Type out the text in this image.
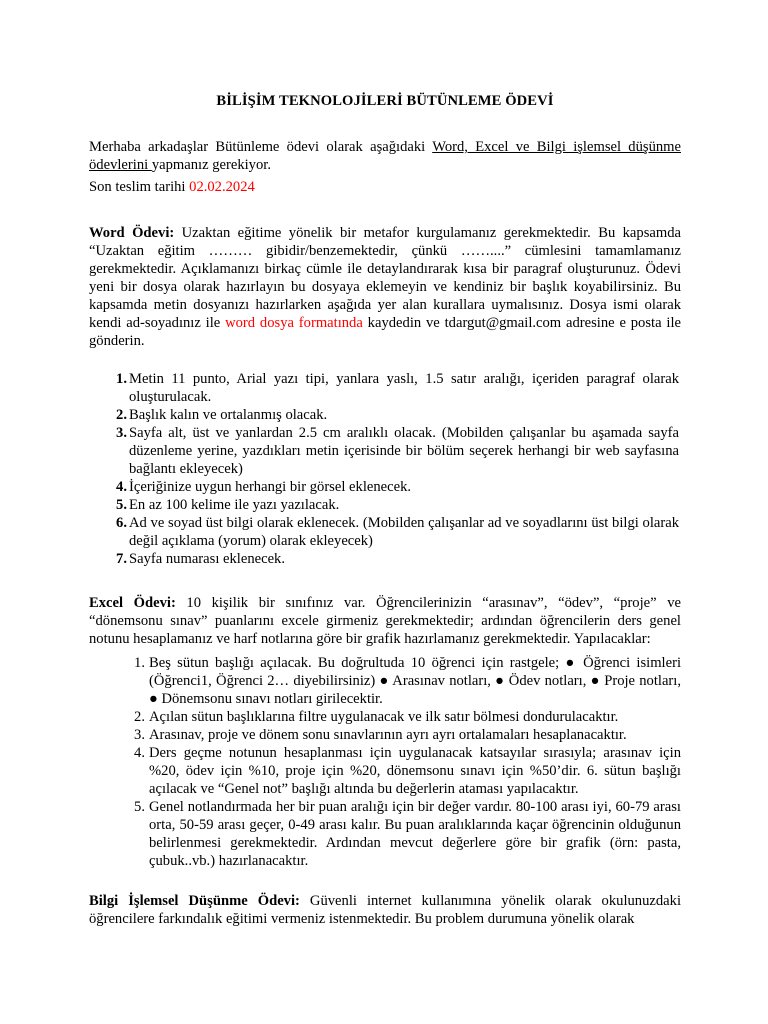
BİLİŞİM TEKNOLOJİLERİ BÜTÜNLEME ÖDEVİ
Merhaba arkadaşlar Bütünleme ödevi olarak aşağıdaki Word, Excel ve Bilgi işlemsel düşünme ödevlerini yapmanız gerekiyor.
Son teslim tarihi 02.02.2024
Word Ödevi: Uzaktan eğitime yönelik bir metafor kurgulamanız gerekmektedir. Bu kapsamda “Uzaktan eğitim ……… gibidir/benzemektedir, çünkü ……....” cümlesini tamamlamanız gerekmektedir. Açıklamanızı birkaç cümle ile detaylandırarak kısa bir paragraf oluşturunuz. Ödevi yeni bir dosya olarak hazırlayın bu dosyaya eklemeyin ve kendiniz bir başlık koyabilirsiniz. Bu kapsamda metin dosyanızı hazırlarken aşağıda yer alan kurallara uymalısınız. Dosya ismi olarak kendi ad-soyadınız ile word dosya formatında kaydedin ve tdargut@gmail.com adresine e posta ile gönderin.
1. Metin 11 punto, Arial yazı tipi, yanlara yaslı, 1.5 satır aralığı, içeriden paragraf olarak oluşturulacak.
2. Başlık kalın ve ortalanmış olacak.
3. Sayfa alt, üst ve yanlardan 2.5 cm aralıklı olacak. (Mobilden çalışanlar bu aşamada sayfa düzenleme yerine, yazdıkları metin içerisinde bir bölüm seçerek herhangi bir web sayfasına bağlantı ekleyecek)
4. İçeriğinize uygun herhangi bir görsel eklenecek.
5. En az 100 kelime ile yazı yazılacak.
6. Ad ve soyad üst bilgi olarak eklenecek. (Mobilden çalışanlar ad ve soyadlarını üst bilgi olarak değil açıklama (yorum) olarak ekleyecek)
7. Sayfa numarası eklenecek.
Excel Ödevi: 10 kişilik bir sınıfınız var. Öğrencilerinizin “arasınav”, “ödev”, “proje” ve “dönemsonu sınav” puanlarını excele girmeniz gerekmektedir; ardından öğrencilerin ders genel notunu hesaplamanız ve harf notlarına göre bir grafik hazırlamanız gerekmektedir. Yapılacaklar:
1. Beş sütun başlığı açılacak. Bu doğrultuda 10 öğrenci için rastgele; ● Öğrenci isimleri (Öğrenci1, Öğrenci 2… diyebilirsiniz) ● Arasınav notları, ● Ödev notları, ● Proje notları, ● Dönemsonu sınavı notları girilecektir.
2. Açılan sütun başlıklarına filtre uygulanacak ve ilk satır bölmesi dondurulacaktır.
3. Arasınav, proje ve dönem sonu sınavlarının ayrı ayrı ortalamaları hesaplanacaktır.
4. Ders geçme notunun hesaplanması için uygulanacak katsayılar sırasıyla; arasınav için %20, ödev için %10, proje için %20, dönemsonu sınavı için %50’dir. 6. sütun başlığı açılacak ve “Genel not” başlığı altında bu değerlerin ataması yapılacaktır.
5. Genel notlandırmada her bir puan aralığı için bir değer vardır. 80-100 arası iyi, 60-79 arası orta, 50-59 arası geçer, 0-49 arası kalır. Bu puan aralıklarında kaçar öğrencinin olduğunun belirlenmesi gerekmektedir. Ardından mevcut değerlere göre bir grafik (örn: pasta, çubuk..vb.) hazırlanacaktır.
Bilgi İşlemsel Düşünme Ödevi: Güvenli internet kullanımına yönelik olarak okulunuzdaki öğrencilere farkındalık eğitimi vermeniz istenmektedir. Bu problem durumuna yönelik olarak
